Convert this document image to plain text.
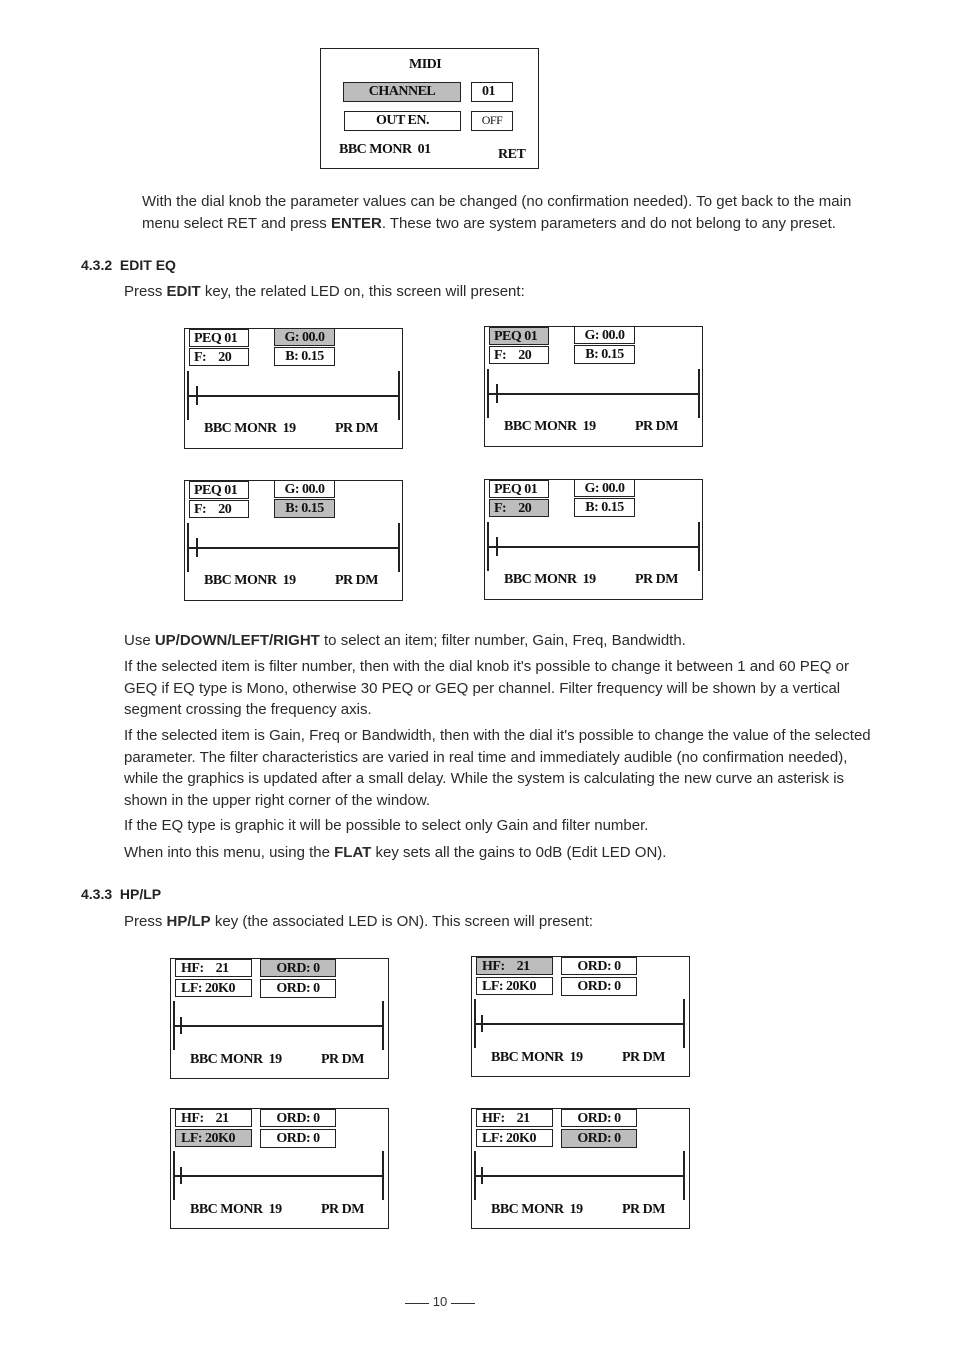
MIDI
CHANNEL	01
OUT EN.	OFF
BBC MONR  01	RET

With the dial knob the parameter values can be changed (no confirmation needed). To get back to the main menu select RET and press ENTER. These two are system parameters and do not belong to any preset.

4.3.2  EDIT EQ

Press EDIT key, the related LED on, this screen will present:

PEQ 01	G: 00.0
F:    20	B: 0.15
BBC MONR  19	PR DM
PEQ 01	G: 00.0
F:    20	B: 0.15
BBC MONR  19	PR DM
PEQ 01	G: 00.0
F:    20	B: 0.15
BBC MONR  19	PR DM
PEQ 01	G: 00.0
F:    20	B: 0.15
BBC MONR  19	PR DM

Use UP/DOWN/LEFT/RIGHT to select an item; filter number, Gain, Freq, Bandwidth.

If the selected item is filter number, then with the dial knob it's possible to change it between 1 and 60 PEQ or GEQ if EQ type is Mono, otherwise 30 PEQ or GEQ per channel. Filter frequency will be shown by a vertical segment crossing the frequency axis.

If the selected item is Gain, Freq or Bandwidth, then with the dial it's possible to change the value of the selected parameter. The filter characteristics are varied in real time and immediately audible (no confirmation needed), while the graphics is updated after a small delay. While the system is calculating the new curve an asterisk is shown in the upper right corner of the window.

If the EQ type is graphic it will be possible to select only Gain and filter number.

When into this menu, using the FLAT key sets all the gains to 0dB (Edit LED ON).

4.3.3  HP/LP

Press HP/LP key (the associated LED is ON). This screen will present:

HF:    21	ORD: 0
LF: 20K0	ORD: 0
BBC MONR  19	PR DM
HF:    21	ORD: 0
LF: 20K0	ORD: 0
BBC MONR  19	PR DM
HF:    21	ORD: 0
LF: 20K0	ORD: 0
BBC MONR  19	PR DM
HF:    21	ORD: 0
LF: 20K0	ORD: 0
BBC MONR  19	PR DM
10
